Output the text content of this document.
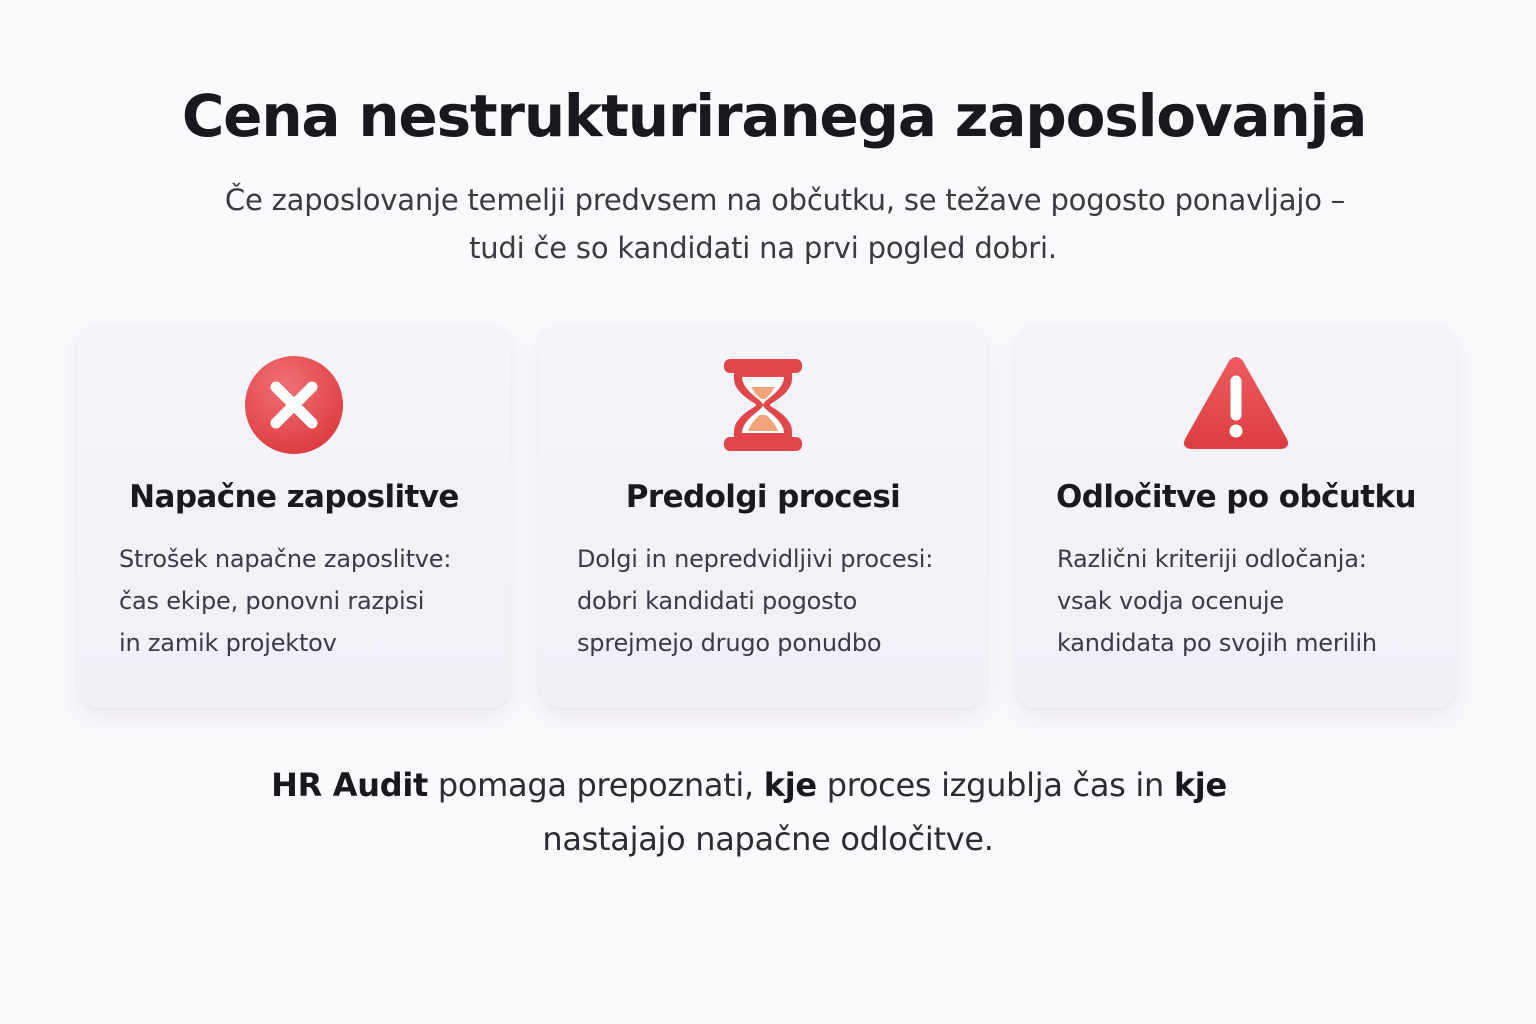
Cena nestrukturiranega zaposlovanja

Če zaposlovanje temelji predvsem na občutku, se težave pogosto ponavljajo –
tudi če so kandidati na prvi pogled dobri.

Napačne zaposlitve
Strošek napačne zaposlitve:
čas ekipe, ponovni razpisi
in zamik projektov
Predolgi procesi
Dolgi in nepredvidljivi procesi:
dobri kandidati pogosto
sprejmejo drugo ponudbo
Odločitve po občutku
Različni kriteriji odločanja:
vsak vodja ocenuje
kandidata po svojih merilih

HR Audit pomaga prepoznati, kje proces izgublja čas in kje
nastajajo napačne odločitve.
